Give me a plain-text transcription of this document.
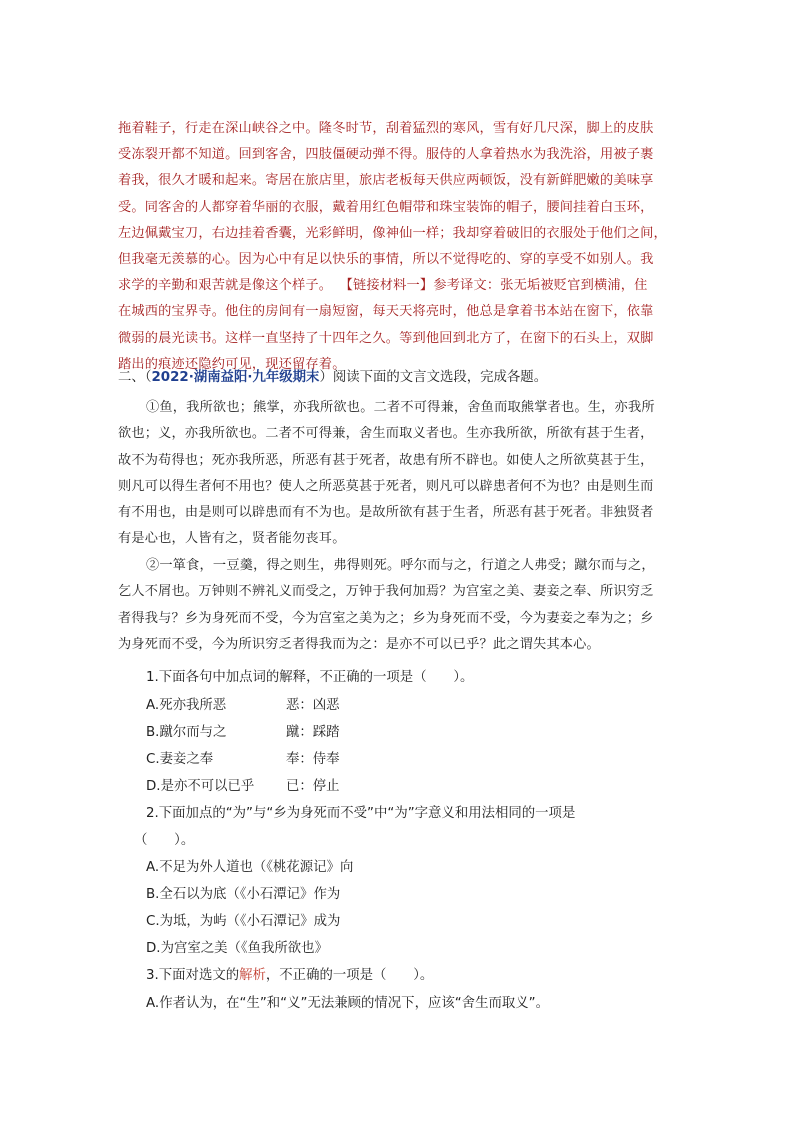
拖着鞋子，行走在深山峡谷之中。隆冬时节，刮着猛烈的寒风，雪有好几尺深，脚上的皮肤

受冻裂开都不知道。回到客舍，四肢僵硬动弹不得。服侍的人拿着热水为我洗浴，用被子裹

着我，很久才暖和起来。寄居在旅店里，旅店老板每天供应两顿饭，没有新鲜肥嫩的美味享

受。同客舍的人都穿着华丽的衣服，戴着用红色帽带和珠宝装饰的帽子，腰间挂着白玉环，

左边佩戴宝刀，右边挂着香囊，光彩鲜明，像神仙一样；我却穿着破旧的衣服处于他们之间，

但我毫无羡慕的心。因为心中有足以快乐的事情，所以不觉得吃的、穿的享受不如别人。我

求学的辛勤和艰苦就是像这个样子。 【链接材料一】参考译文：张无垢被贬官到横浦，住

在城西的宝界寺。他住的房间有一扇短窗，每天天将亮时，他总是拿着书本站在窗下，依靠

微弱的晨光读书。这样一直坚持了十四年之久。等到他回到北方了，在窗下的石头上，双脚

踏出的痕迹还隐约可见，现还留存着。

二、（2022·湖南益阳·九年级期末）阅读下面的文言文选段，完成各题。

①鱼，我所欲也；熊掌，亦我所欲也。二者不可得兼，舍鱼而取熊掌者也。生，亦我所

欲也；义，亦我所欲也。二者不可得兼，舍生而取义者也。生亦我所欲，所欲有甚于生者，

故不为苟得也；死亦我所恶，所恶有甚于死者，故患有所不辟也。如使人之所欲莫甚于生，

则凡可以得生者何不用也？使人之所恶莫甚于死者，则凡可以辟患者何不为也？由是则生而

有不用也，由是则可以辟患而有不为也。是故所欲有甚于生者，所恶有甚于死者。非独贤者

有是心也，人皆有之，贤者能勿丧耳。

②一箪食，一豆羹，得之则生，弗得则死。呼尔而与之，行道之人弗受；蹴尔而与之，

乞人不屑也。万钟则不辨礼义而受之，万钟于我何加焉？为宫室之美、妻妾之奉、所识穷乏

者得我与？乡为身死而不受，今为宫室之美为之；乡为身死而不受，今为妻妾之奉为之；乡

为身死而不受，今为所识穷乏者得我而为之：是亦不可以已乎？此之谓失其本心。

1.下面各句中加点词的解释，不正确的一项是（　　）。
A.死亦我所恶	恶：凶恶
B.蹴尔而与之	蹴：踩踏
C.妻妾之奉	奉：侍奉
D.是亦不可以已乎 已：停止
2.下面加点的“为”与“乡为身死而不受”中“为”字意义和用法相同的一项是
（　　）。
A.不足为外人道也（《桃花源记》向
B.全石以为底（《小石潭记》作为
C.为坻，为屿（《小石潭记》成为
D.为宫室之美（《鱼我所欲也》
3.下面对选文的解析，不正确的一项是（　　）。
A.作者认为，在“生”和“义”无法兼顾的情况下，应该“舍生而取义”。
